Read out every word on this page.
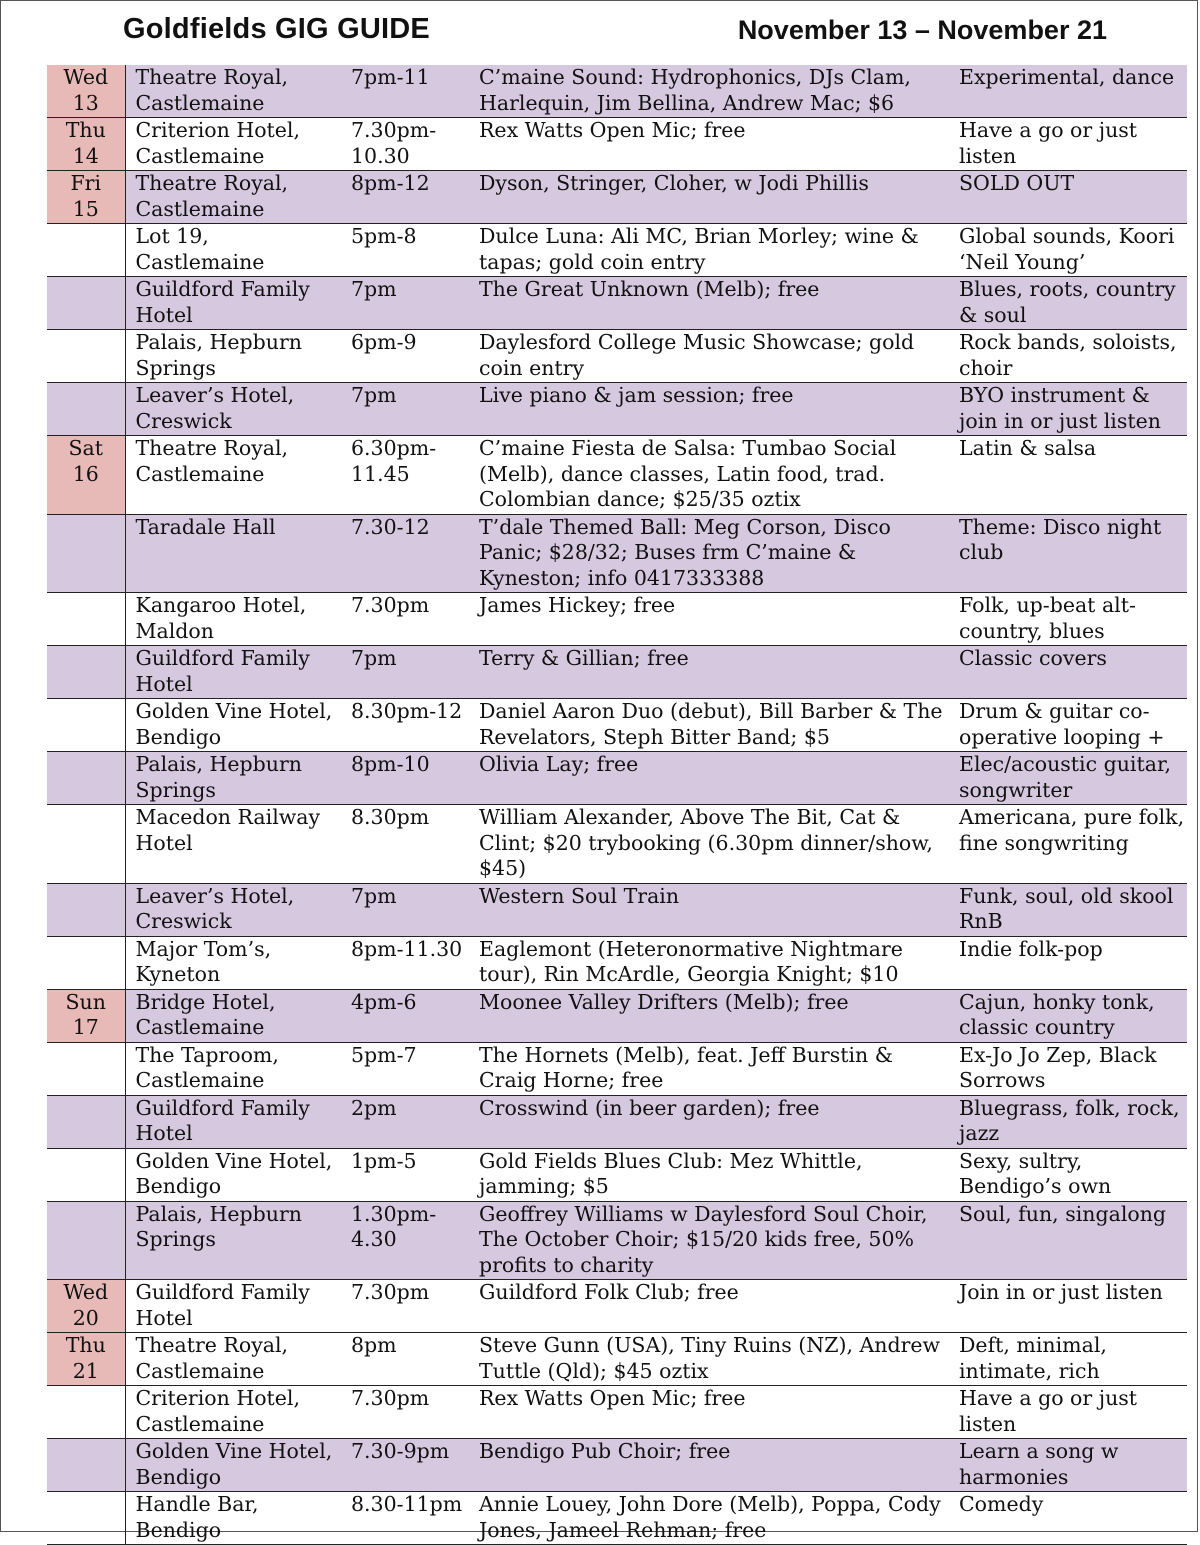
Goldfields GIG GUIDE	November 13 – November 21
Wed
13	Theatre Royal, Castlemaine	7pm-11	C’maine Sound: Hydrophonics, DJs Clam, Harlequin, Jim Bellina, Andrew Mac; $6	Experimental, dance

Thu
14	Criterion Hotel, Castlemaine	7.30pm-10.30	Rex Watts Open Mic; free	Have a go or just listen

Fri
15	Theatre Royal, Castlemaine	8pm-12	Dyson, Stringer, Cloher, w Jodi Phillis	SOLD OUT

	Lot 19, Castlemaine	5pm-8	Dulce Luna: Ali MC, Brian Morley; wine & tapas; gold coin entry	Global sounds, Koori ‘Neil Young’

	Guildford Family Hotel	7pm	The Great Unknown (Melb); free	Blues, roots, country & soul

	Palais, Hepburn Springs	6pm-9	Daylesford College Music Showcase; gold coin entry	Rock bands, soloists, choir

	Leaver’s Hotel, Creswick	7pm	Live piano & jam session; free	BYO instrument & join in or just listen

Sat
16	Theatre Royal, Castlemaine	6.30pm-11.45	C’maine Fiesta de Salsa: Tumbao Social (Melb), dance classes, Latin food, trad. Colombian dance; $25/35 oztix	Latin & salsa

	Taradale Hall	7.30-12	T’dale Themed Ball: Meg Corson, Disco Panic; $28/32; Buses frm C’maine & Kyneston; info 0417333388	Theme: Disco night club

	Kangaroo Hotel, Maldon	7.30pm	James Hickey; free	Folk, up-beat alt-country, blues

	Guildford Family Hotel	7pm	Terry & Gillian; free	Classic covers

	Golden Vine Hotel, Bendigo	8.30pm-12	Daniel Aaron Duo (debut), Bill Barber & The Revelators, Steph Bitter Band; $5	Drum & guitar co-operative looping +

	Palais, Hepburn Springs	8pm-10	Olivia Lay; free	Elec/acoustic guitar, songwriter

	Macedon Railway Hotel	8.30pm	William Alexander, Above The Bit, Cat & Clint; $20 trybooking (6.30pm dinner/show, $45)	Americana, pure folk, fine songwriting

	Leaver’s Hotel, Creswick	7pm	Western Soul Train	Funk, soul, old skool RnB

	Major Tom’s, Kyneton	8pm-11.30	Eaglemont (Heteronormative Nightmare tour), Rin McArdle, Georgia Knight; $10	Indie folk-pop

Sun
17	Bridge Hotel, Castlemaine	4pm-6	Moonee Valley Drifters (Melb); free	Cajun, honky tonk, classic country

	The Taproom, Castlemaine	5pm-7	The Hornets (Melb), feat. Jeff Burstin & Craig Horne; free	Ex-Jo Jo Zep, Black Sorrows

	Guildford Family Hotel	2pm	Crosswind (in beer garden); free	Bluegrass, folk, rock, jazz

	Golden Vine Hotel, Bendigo	1pm-5	Gold Fields Blues Club: Mez Whittle, jamming; $5	Sexy, sultry, Bendigo’s own

	Palais, Hepburn Springs	1.30pm-4.30	Geoffrey Williams w Daylesford Soul Choir, The October Choir; $15/20 kids free, 50% profits to charity	Soul, fun, singalong

Wed
20	Guildford Family Hotel	7.30pm	Guildford Folk Club; free	Join in or just listen

Thu
21	Theatre Royal, Castlemaine	8pm	Steve Gunn (USA), Tiny Ruins (NZ), Andrew Tuttle (Qld); $45 oztix	Deft, minimal, intimate, rich

	Criterion Hotel, Castlemaine	7.30pm	Rex Watts Open Mic; free	Have a go or just listen

	Golden Vine Hotel, Bendigo	7.30-9pm	Bendigo Pub Choir; free	Learn a song w harmonies

	Handle Bar, Bendigo	8.30-11pm	Annie Louey, John Dore (Melb), Poppa, Cody Jones, Jameel Rehman; free	Comedy
